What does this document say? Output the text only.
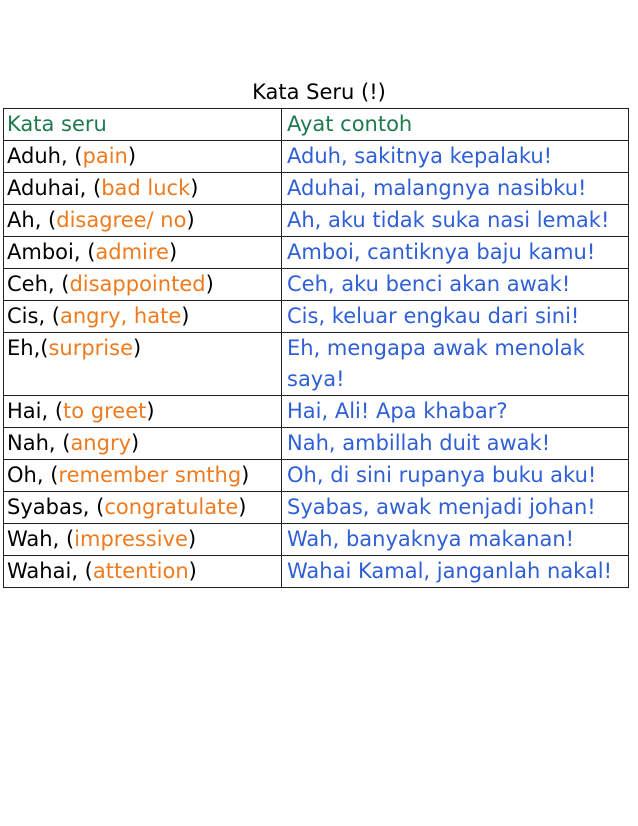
Kata Seru (!)
Kata seru	Ayat contoh
Aduh, (pain)	Aduh, sakitnya kepalaku!
Aduhai, (bad luck)	Aduhai, malangnya nasibku!
Ah, (disagree/ no)	Ah, aku tidak suka nasi lemak!
Amboi, (admire)	Amboi, cantiknya baju kamu!
Ceh, (disappointed)	Ceh, aku benci akan awak!
Cis, (angry, hate)	Cis, keluar engkau dari sini!
Eh,(surprise)	Eh, mengapa awak menolak saya!
Hai, (to greet)	Hai, Ali! Apa khabar?
Nah, (angry)	Nah, ambillah duit awak!
Oh, (remember smthg)	Oh, di sini rupanya buku aku!
Syabas, (congratulate)	Syabas, awak menjadi johan!
Wah, (impressive)	Wah, banyaknya makanan!
Wahai, (attention)	Wahai Kamal, janganlah nakal!
